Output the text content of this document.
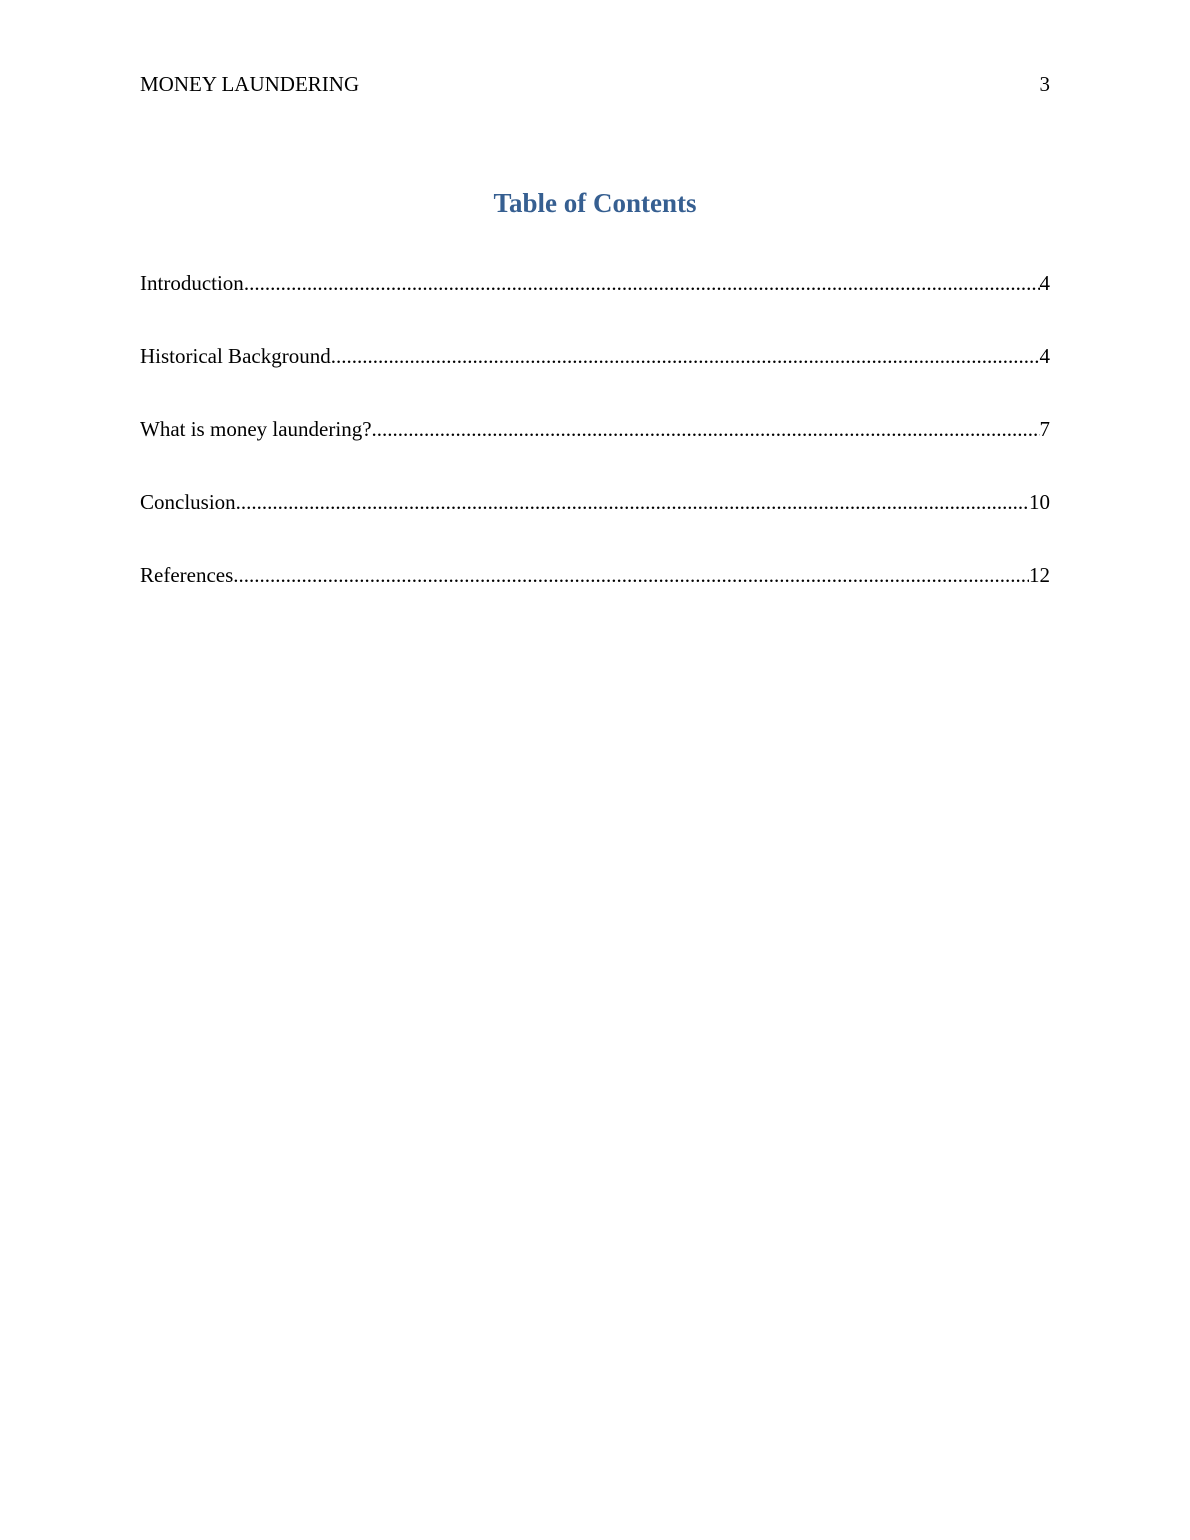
MONEY LAUNDERING	3
Table of Contents
Introduction .....	4
Historical Background .....	4
What is money laundering? .....	7
Conclusion .....	10
References .....	12
